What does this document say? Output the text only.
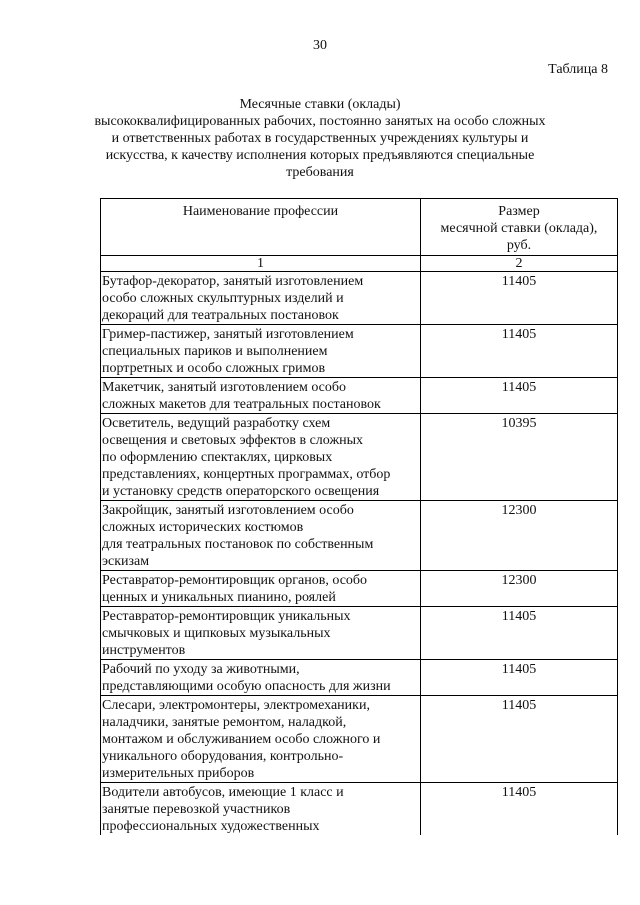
30
Таблица 8
Месячные ставки (оклады)
высококвалифицированных рабочих, постоянно занятых на особо сложных
и ответственных работах в государственных учреждениях культуры и
искусства, к качеству исполнения которых предъявляются специальные
требования
Наименование профессии	Размер
месячной ставки (оклада),
руб.

1	2

Бутафор-декоратор, занятый изготовлением
особо сложных скульптурных изделий и
декораций для театральных постановок	11405

Гример-пастижер, занятый изготовлением
специальных париков и выполнением
портретных и особо сложных гримов	11405

Макетчик, занятый изготовлением особо
сложных макетов для театральных постановок	11405

Осветитель, ведущий разработку схем
освещения и световых эффектов в сложных
по оформлению спектаклях, цирковых
представлениях, концертных программах, отбор
и установку средств операторского освещения	10395

Закройщик, занятый изготовлением особо
сложных исторических костюмов
для театральных постановок по собственным
эскизам	12300

Реставратор-ремонтировщик органов, особо
ценных и уникальных пианино, роялей	12300

Реставратор-ремонтировщик уникальных
смычковых и щипковых музыкальных
инструментов	11405

Рабочий по уходу за животными,
представляющими особую опасность для жизни	11405

Слесари, электромонтеры, электромеханики,
наладчики, занятые ремонтом, наладкой,
монтажом и обслуживанием особо сложного и
уникального оборудования, контрольно-
измерительных приборов	11405

Водители автобусов, имеющие 1 класс и
занятые перевозкой участников
профессиональных художественных	11405
